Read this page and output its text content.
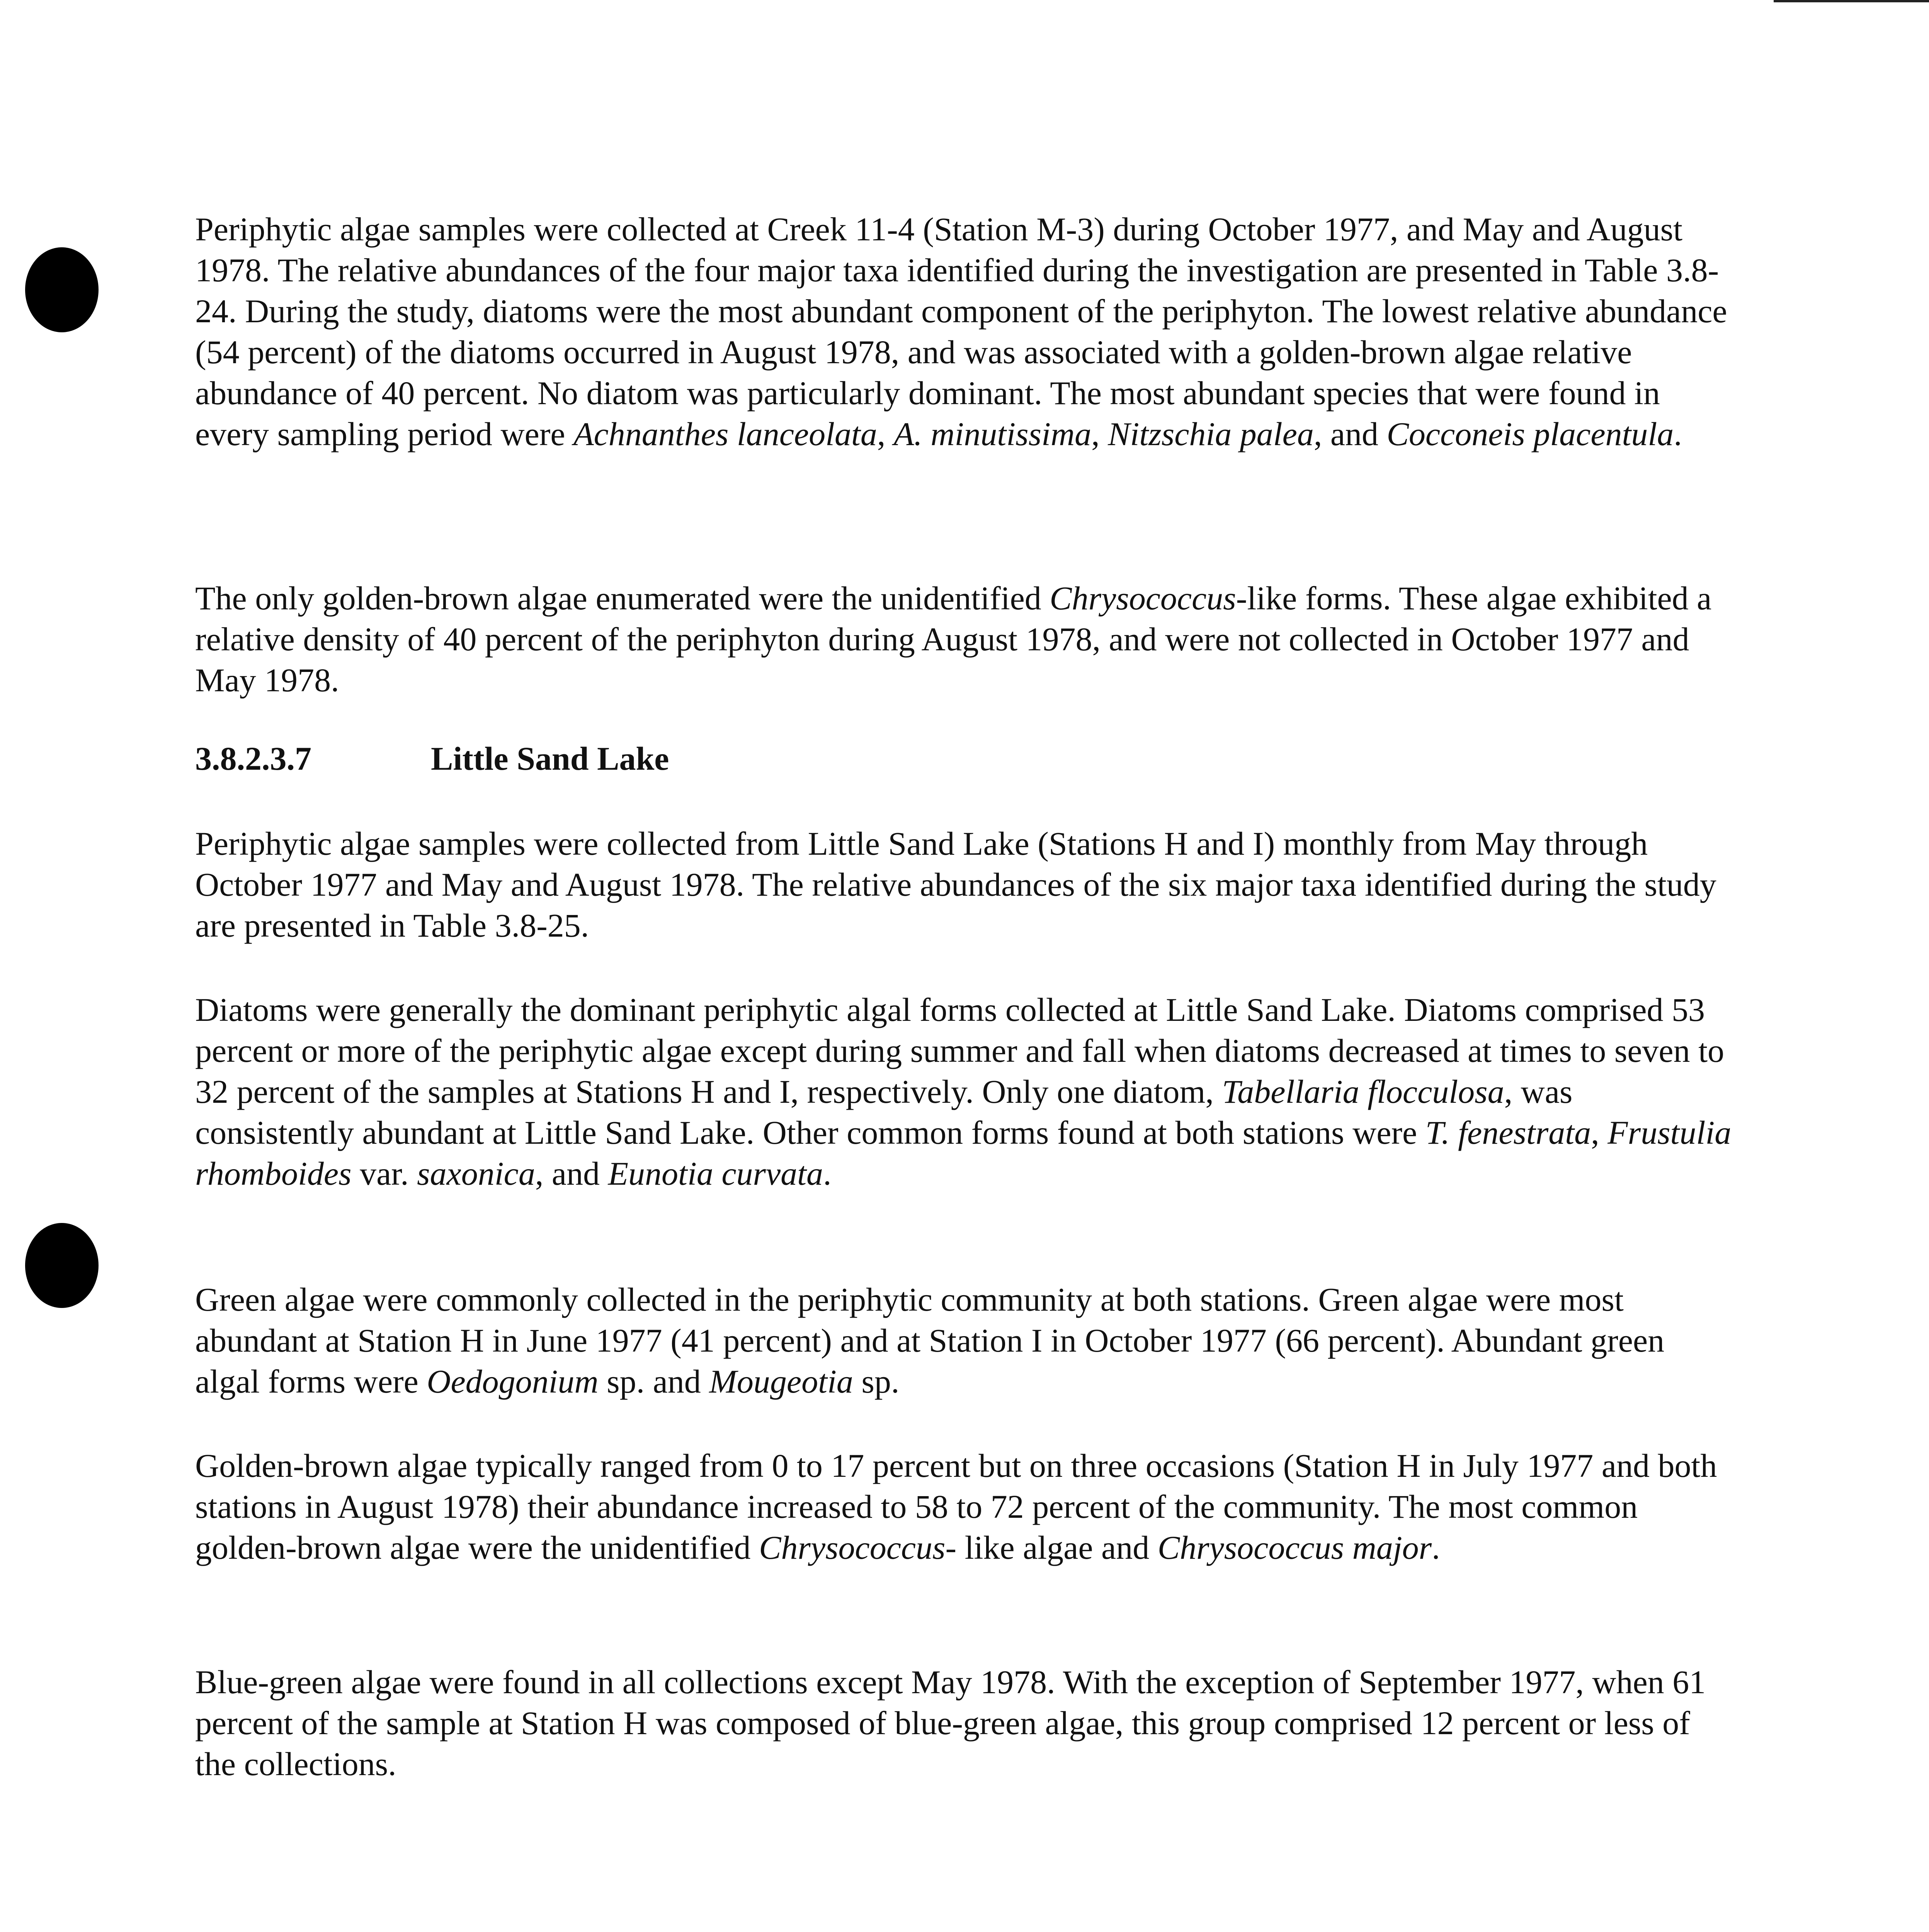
Periphytic algae samples were collected at Creek 11-4 (Station M-3) during October 1977, and May and August 1978. The relative abundances of the four major taxa identified during the investigation are presented in Table 3.8-24. During the study, diatoms were the most abundant component of the periphyton. The lowest relative abundance (54 percent) of the diatoms occurred in August 1978, and was associated with a golden-brown algae relative abundance of 40 percent. No diatom was particularly dominant. The most abundant species that were found in every sampling period were Achnanthes lanceolata, A. minutissima, Nitzschia palea, and Cocconeis placentula.

The only golden-brown algae enumerated were the unidentified Chrysococcus-like forms. These algae exhibited a relative density of 40 percent of the periphyton during August 1978, and were not collected in October 1977 and May 1978.

3.8.2.3.7	Little Sand Lake

Periphytic algae samples were collected from Little Sand Lake (Stations H and I) monthly from May through October 1977 and May and August 1978. The relative abundances of the six major taxa identified during the study are presented in Table 3.8-25.

Diatoms were generally the dominant periphytic algal forms collected at Little Sand Lake. Diatoms comprised 53 percent or more of the periphytic algae except during summer and fall when diatoms decreased at times to seven to 32 percent of the samples at Stations H and I, respectively. Only one diatom, Tabellaria flocculosa, was consistently abundant at Little Sand Lake. Other common forms found at both stations were T. fenestrata, Frustulia rhomboides var. saxonica, and Eunotia curvata.

Green algae were commonly collected in the periphytic community at both stations. Green algae were most abundant at Station H in June 1977 (41 percent) and at Station I in October 1977 (66 percent). Abundant green algal forms were Oedogonium sp. and Mougeotia sp.

Golden-brown algae typically ranged from 0 to 17 percent but on three occasions (Station H in July 1977 and both stations in August 1978) their abundance increased to 58 to 72 percent of the community. The most common golden-brown algae were the unidentified Chrysococcus- like algae and Chrysococcus major.

Blue-green algae were found in all collections except May 1978. With the exception of September 1977, when 61 percent of the sample at Station H was composed of blue-green algae, this group comprised 12 percent or less of the collections.
